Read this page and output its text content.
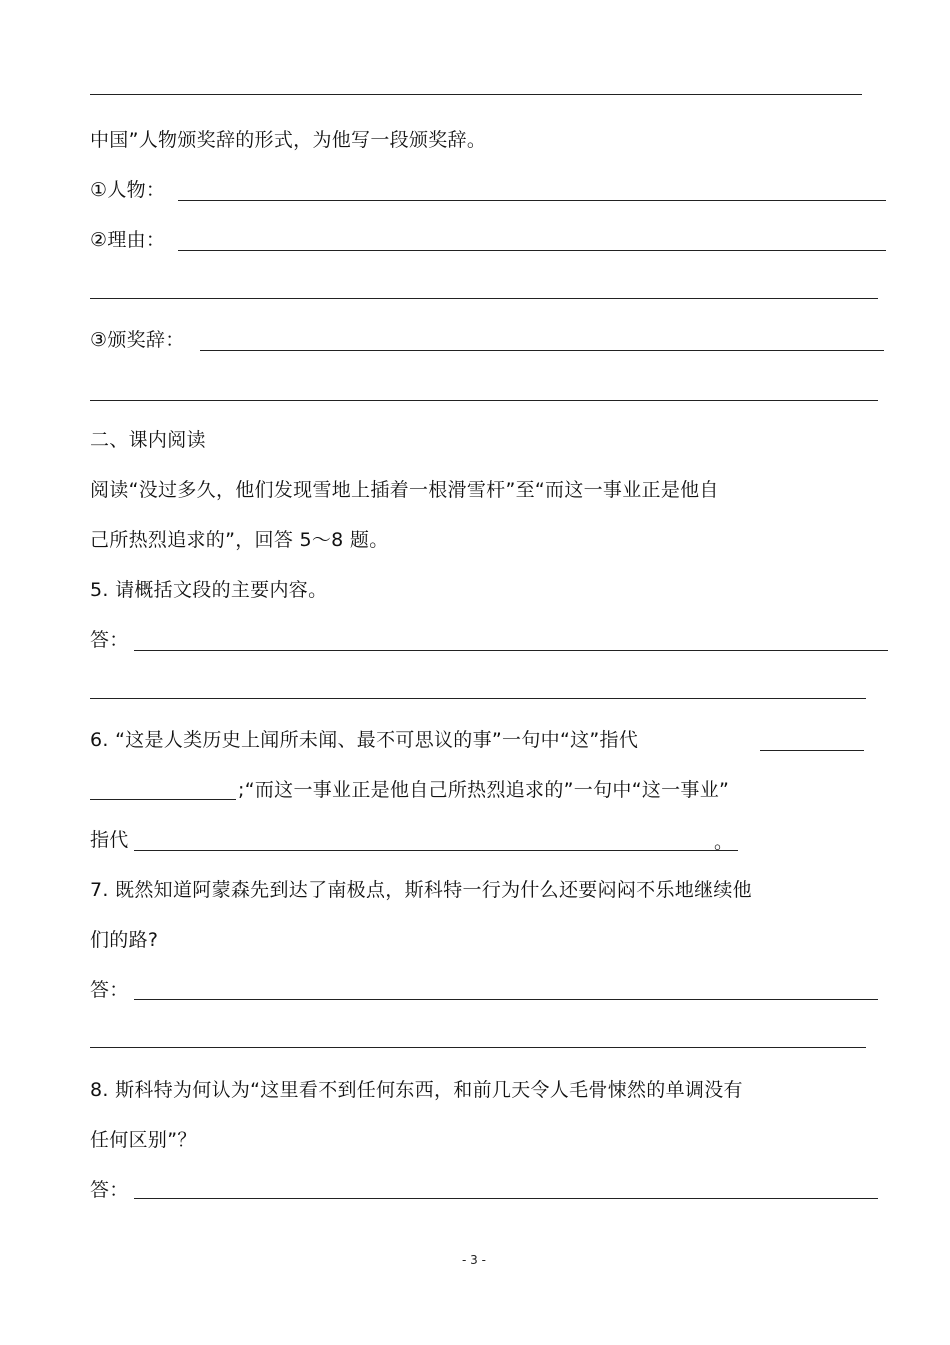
中国”人物颁奖辞的形式，为他写一段颁奖辞。
①人物：
②理由：
③颁奖辞：
二、课内阅读
阅读“没过多久，他们发现雪地上插着一根滑雪杆”至“而这一事业正是他自
己所热烈追求的”，回答 5～8 题。
5. 请概括文段的主要内容。
答：
6. “这是人类历史上闻所未闻、最不可思议的事”一句中“这”指代
;“而这一事业正是他自己所热烈追求的”一句中“这一事业”
指代	。
7. 既然知道阿蒙森先到达了南极点，斯科特一行为什么还要闷闷不乐地继续他
们的路?
答：
8. 斯科特为何认为“这里看不到任何东西，和前几天令人毛骨悚然的单调没有
任何区别”？
答：
- 3 -
